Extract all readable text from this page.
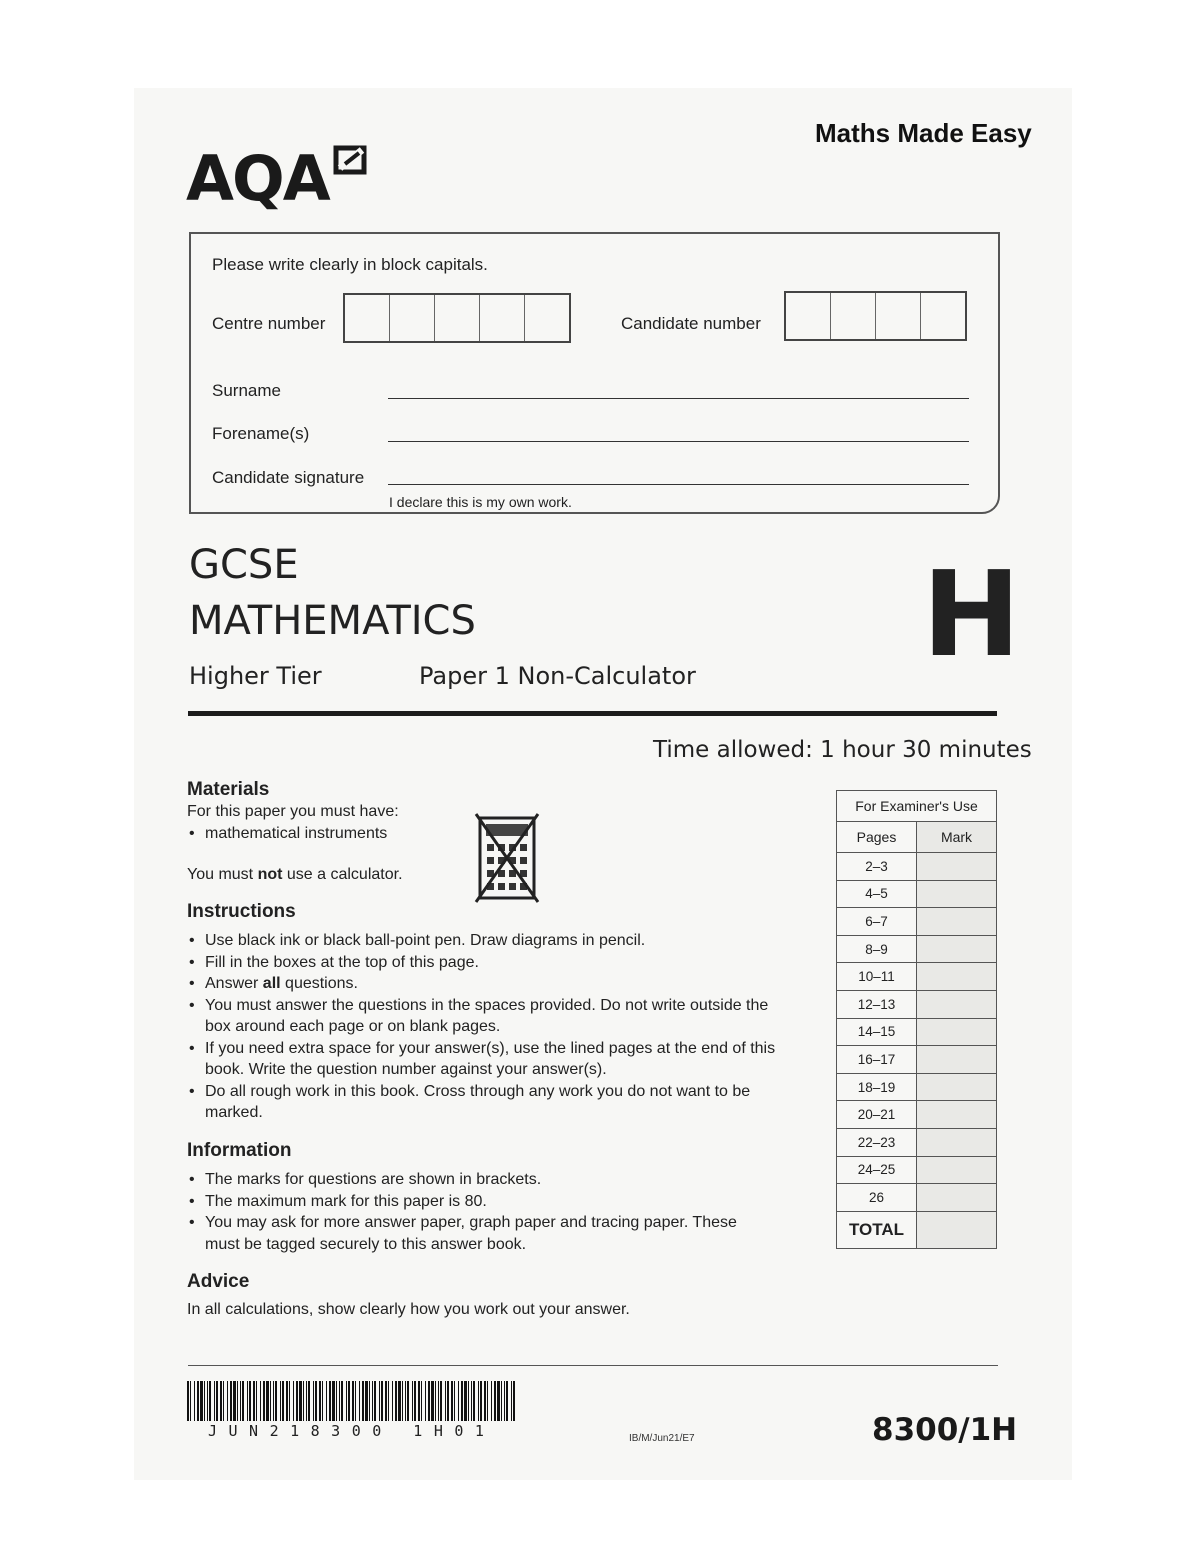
Maths Made Easy
AQA
Please write clearly in block capitals.
Centre number	Candidate number
Surname
Forename(s)
Candidate signature
I declare this is my own work.
GCSE
MATHEMATICS
Higher Tier	Paper 1 Non-Calculator H
Time allowed: 1 hour 30 minutes
Materials
For this paper you must have:
• mathematical instruments
You must not use a calculator.
Instructions
• Use black ink or black ball-point pen. Draw diagrams in pencil.
• Fill in the boxes at the top of this page.
• Answer all questions.
• You must answer the questions in the spaces provided. Do not write outside the box around each page or on blank pages.
• If you need extra space for your answer(s), use the lined pages at the end of this book. Write the question number against your answer(s).
• Do all rough work in this book. Cross through any work you do not want to be marked.
Information
• The marks for questions are shown in brackets.
• The maximum mark for this paper is 80.
• You may ask for more answer paper, graph paper and tracing paper. These must be tagged securely to this answer book.
Advice
In all calculations, show clearly how you work out your answer.
For Examiner's Use	
Pages	Mark
2–3	
4–5	
6–7	
8–9	
10–11	
12–13	
14–15	
16–17	
18–19	
20–21	
22–23	
24–25	
26	
TOTAL	
JUN218300 1H01	IB/M/Jun21/E7	8300/1H
